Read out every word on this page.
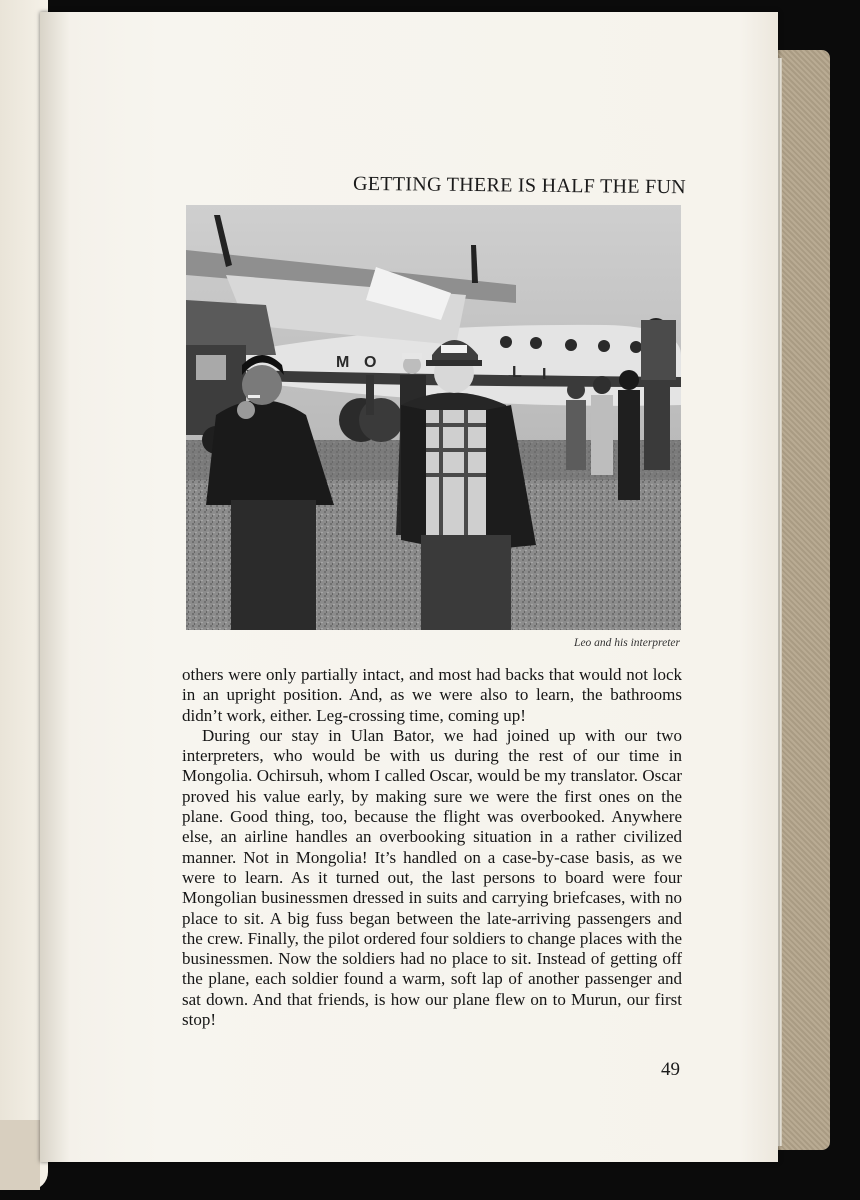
GETTING THERE IS HALF THE FUN
M O
L I
Leo and his interpreter

others were only partially intact, and most had backs that would not lock in an upright position. And, as we were also to learn, the bathrooms didn’t work, either. Leg-crossing time, coming up!

During our stay in Ulan Bator, we had joined up with our two interpreters, who would be with us during the rest of our time in Mongolia. Ochirsuh, whom I called Oscar, would be my translator. Oscar proved his value early, by making sure we were the first ones on the plane. Good thing, too, because the flight was overbooked. Anywhere else, an airline handles an overbooking situation in a rather civilized manner. Not in Mongolia! It’s handled on a case-by-case basis, as we were to learn. As it turned out, the last persons to board were four Mongolian businessmen dressed in suits and carrying briefcases, with no place to sit. A big fuss began between the late-arriving passengers and the crew. Finally, the pilot ordered four soldiers to change places with the businessmen. Now the soldiers had no place to sit. Instead of getting off the plane, each soldier found a warm, soft lap of another passenger and sat down. And that friends, is how our plane flew on to Murun, our first stop!

49
